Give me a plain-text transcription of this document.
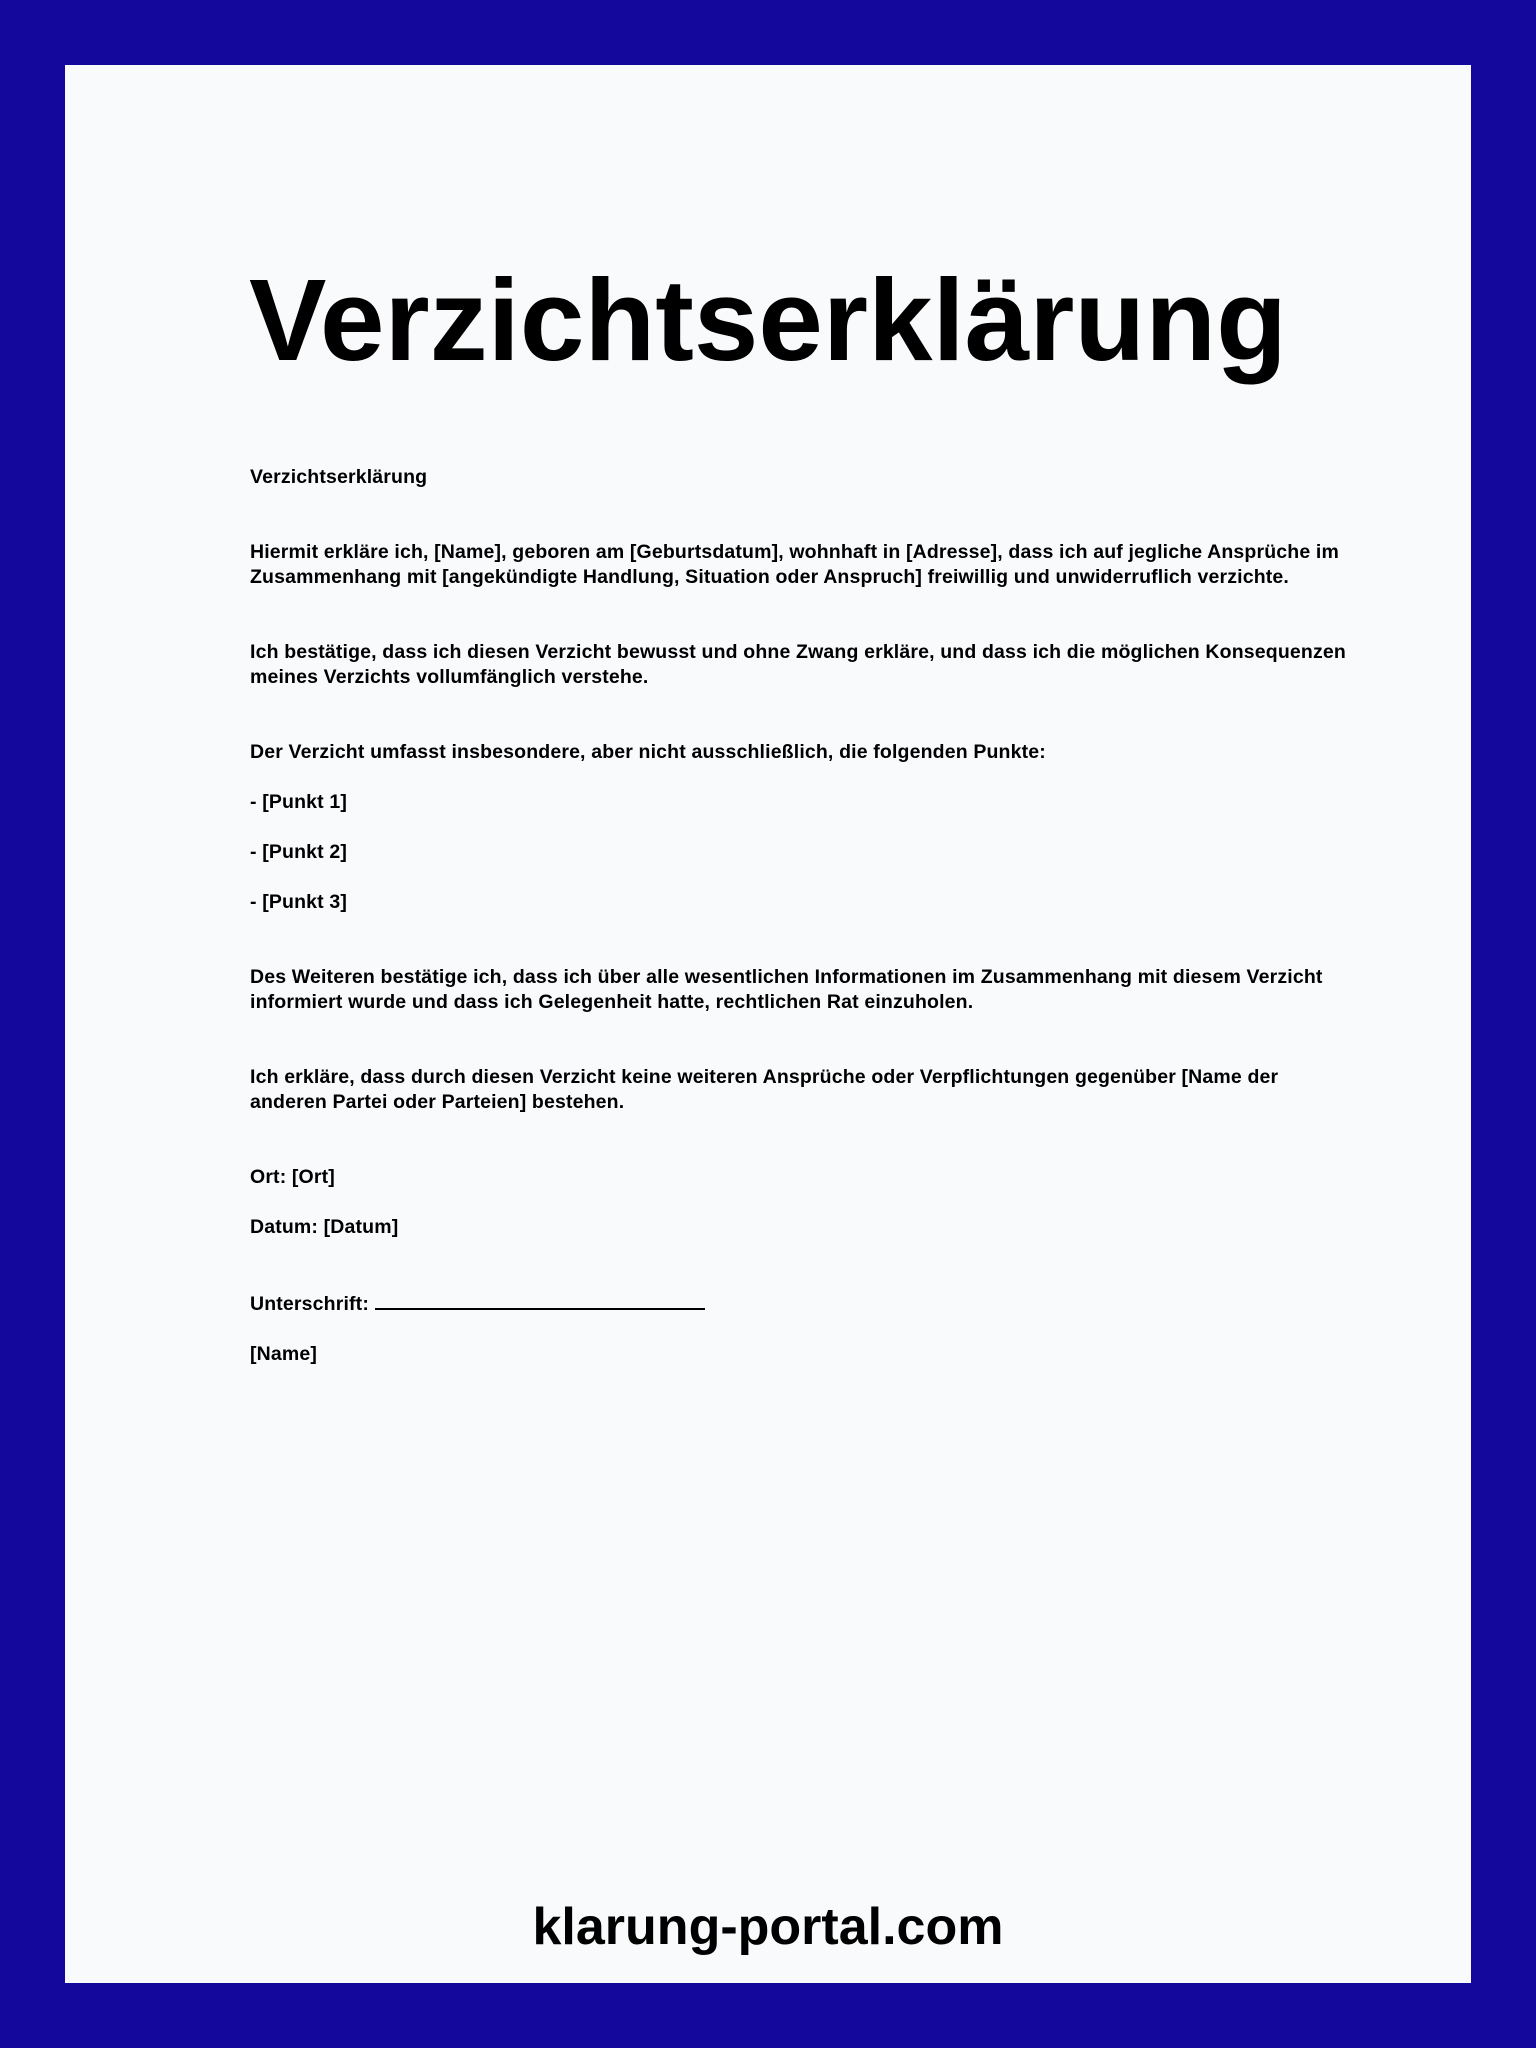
Verzichtserklärung

Verzichtserklärung

Hiermit erkläre ich, [Name], geboren am [Geburtsdatum], wohnhaft in [Adresse], dass ich auf jegliche Ansprüche im Zusammenhang mit [angekündigte Handlung, Situation oder Anspruch] freiwillig und unwiderruflich verzichte.

Ich bestätige, dass ich diesen Verzicht bewusst und ohne Zwang erkläre, und dass ich die möglichen Konsequenzen meines Verzichts vollumfänglich verstehe.

Der Verzicht umfasst insbesondere, aber nicht ausschließlich, die folgenden Punkte:

- [Punkt 1]

- [Punkt 2]

- [Punkt 3]

Des Weiteren bestätige ich, dass ich über alle wesentlichen Informationen im Zusammenhang mit diesem Verzicht informiert wurde und dass ich Gelegenheit hatte, rechtlichen Rat einzuholen.

Ich erkläre, dass durch diesen Verzicht keine weiteren Ansprüche oder Verpflichtungen gegenüber [Name der anderen Partei oder Parteien] bestehen.

Ort: [Ort]

Datum: [Datum]

Unterschrift:

[Name]

klarung-portal.com
